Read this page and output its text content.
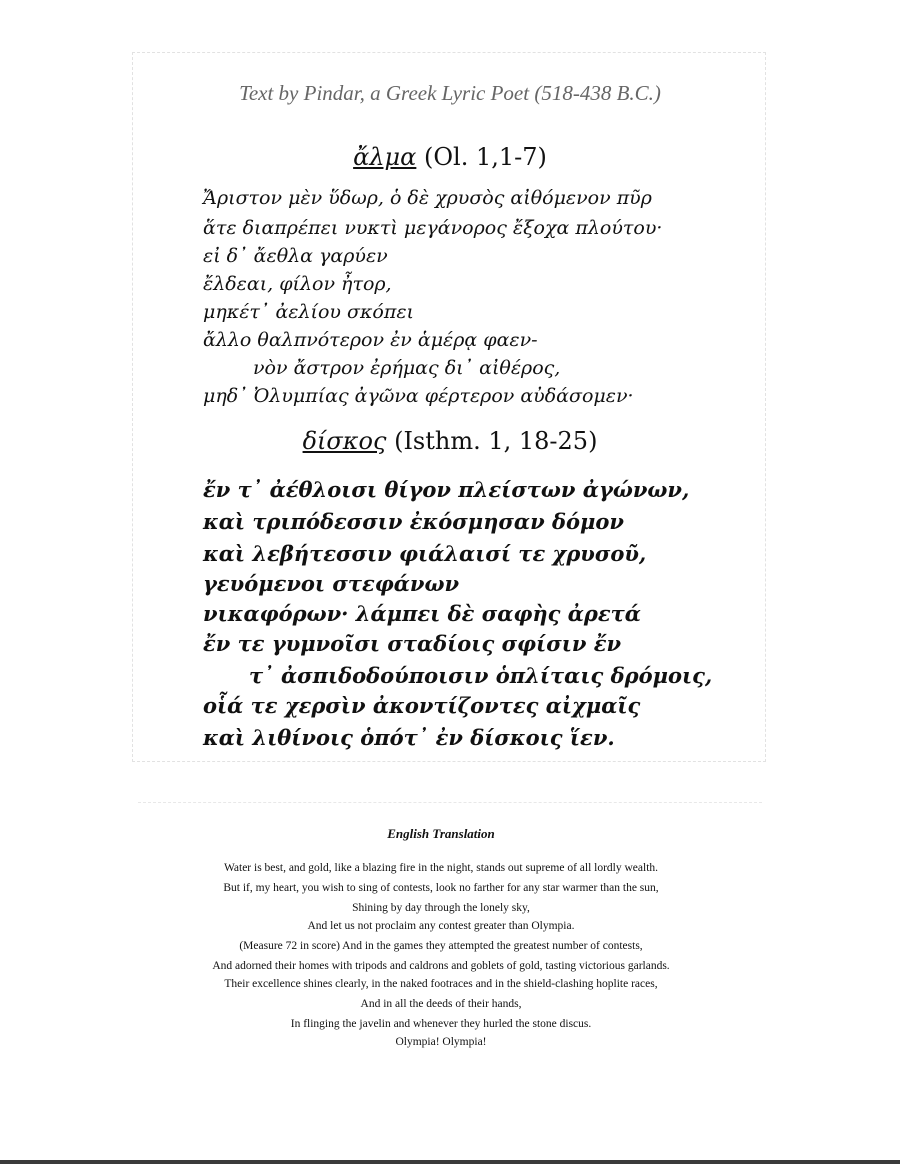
Text by Pindar, a Greek Lyric Poet (518-438 B.C.)
ἄλμα (Ol. 1,1-7)
Ἄριστον μὲν ὕδωρ, ὁ δὲ χρυσὸς αἰθόμενον πῦρ
ἅτε διαπρέπει νυκτὶ μεγάνορος ἔξοχα πλούτου·
εἰ δ᾽ ἄεθλα γαρύεν
ἔλδεαι, φίλον ἦτορ,
μηκέτ᾽ ἀελίου σκόπει
ἄλλο θαλπνότερον ἐν ἁμέρᾳ φαεν-
νὸν ἄστρον ἐρήμας δι᾽ αἰθέρος,
μηδ᾽ Ὀλυμπίας ἀγῶνα φέρτερον αὐδάσομεν·
δίσκος (Isthm. 1, 18-25)
ἔν τ᾽ ἀέθλοισι θίγον πλείστων ἀγώνων,
καὶ τριπόδεσσιν ἐκόσμησαν δόμον
καὶ λεβήτεσσιν φιάλαισί τε χρυσοῦ,
γευόμενοι στεφάνων
νικαφόρων· λάμπει δὲ σαφὴς ἀρετά
ἔν τε γυμνοῖσι σταδίοις σφίσιν ἔν
τ᾽ ἀσπιδοδούποισιν ὁπλίταις δρόμοις,
οἷά τε χερσὶν ἀκοντίζοντες αἰχμαῖς
καὶ λιθίνοις ὁπότ᾽ ἐν δίσκοις ἵεν.
English Translation
Water is best, and gold, like a blazing fire in the night, stands out supreme of all lordly wealth.
But if, my heart, you wish to sing of contests, look no farther for any star warmer than the sun,
Shining by day through the lonely sky,
And let us not proclaim any contest greater than Olympia.
(Measure 72 in score) And in the games they attempted the greatest number of contests,
And adorned their homes with tripods and caldrons and goblets of gold, tasting victorious garlands.
Their excellence shines clearly, in the naked footraces and in the shield-clashing hoplite races,
And in all the deeds of their hands,
In flinging the javelin and whenever they hurled the stone discus.
Olympia! Olympia!
